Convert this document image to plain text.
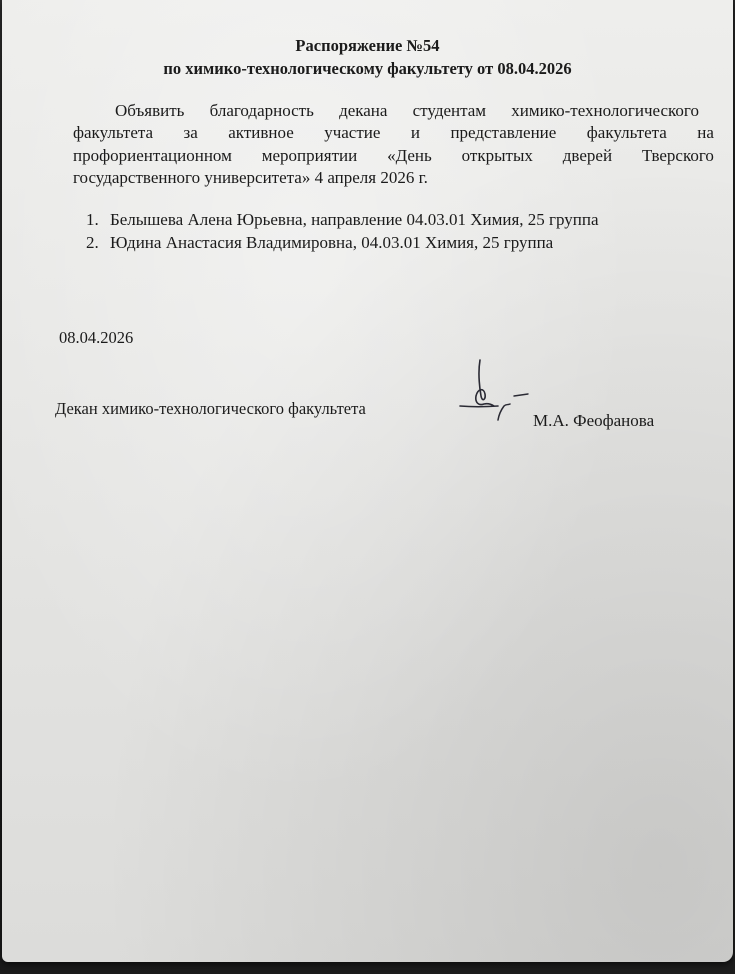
Распоряжение №54
по химико-технологическому факультету от 08.04.2026
Объявить благодарность декана студентам химико-технологического
факультета за активное участие и представление факультета на
профориентационном мероприятии «День открытых дверей Тверского
государственного университета» 4 апреля 2026 г.
1. Белышева Алена Юрьевна, направление 04.03.01 Химия, 25 группа
2. Юдина Анастасия Владимировна, 04.03.01 Химия, 25 группа
08.04.2026
Декан химико-технологического факультета
М.А. Феофанова
